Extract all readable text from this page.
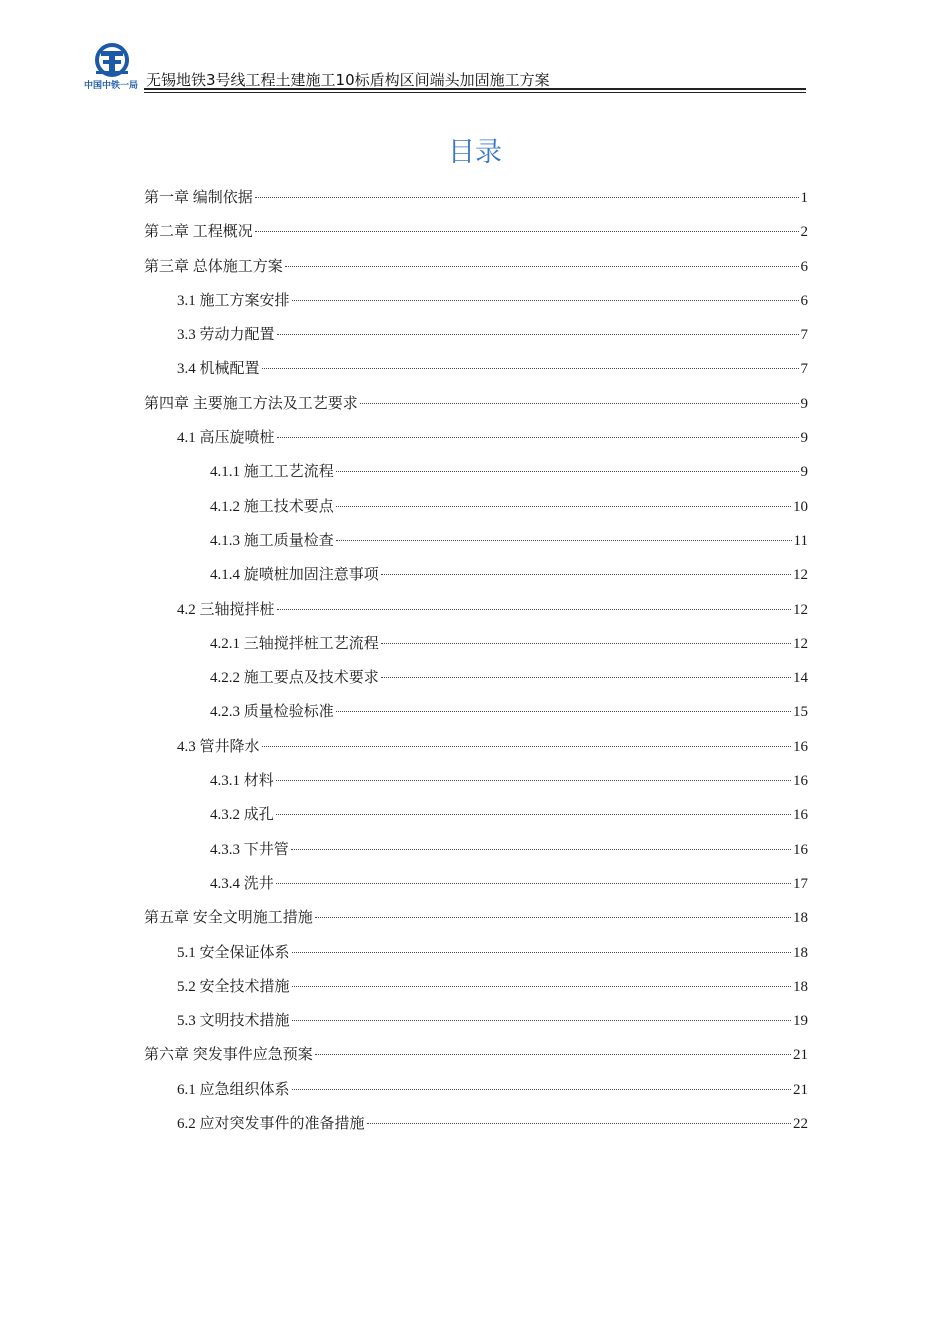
中国中铁一局 无锡地铁3号线工程土建施工10标盾构区间端头加固施工方案
目录
第一章 编制依据	1
第二章 工程概况	2
第三章 总体施工方案	6
3.1 施工方案安排	6
3.3 劳动力配置	7
3.4 机械配置	7
第四章 主要施工方法及工艺要求	9
4.1 高压旋喷桩	9
4.1.1 施工工艺流程	9
4.1.2 施工技术要点	10
4.1.3 施工质量检查	11
4.1.4 旋喷桩加固注意事项	12
4.2 三轴搅拌桩	12
4.2.1 三轴搅拌桩工艺流程	12
4.2.2 施工要点及技术要求	14
4.2.3 质量检验标准	15
4.3 管井降水	16
4.3.1 材料	16
4.3.2 成孔	16
4.3.3 下井管	16
4.3.4 洗井	17
第五章 安全文明施工措施	18
5.1 安全保证体系	18
5.2 安全技术措施	18
5.3 文明技术措施	19
第六章 突发事件应急预案	21
6.1 应急组织体系	21
6.2 应对突发事件的准备措施	22
